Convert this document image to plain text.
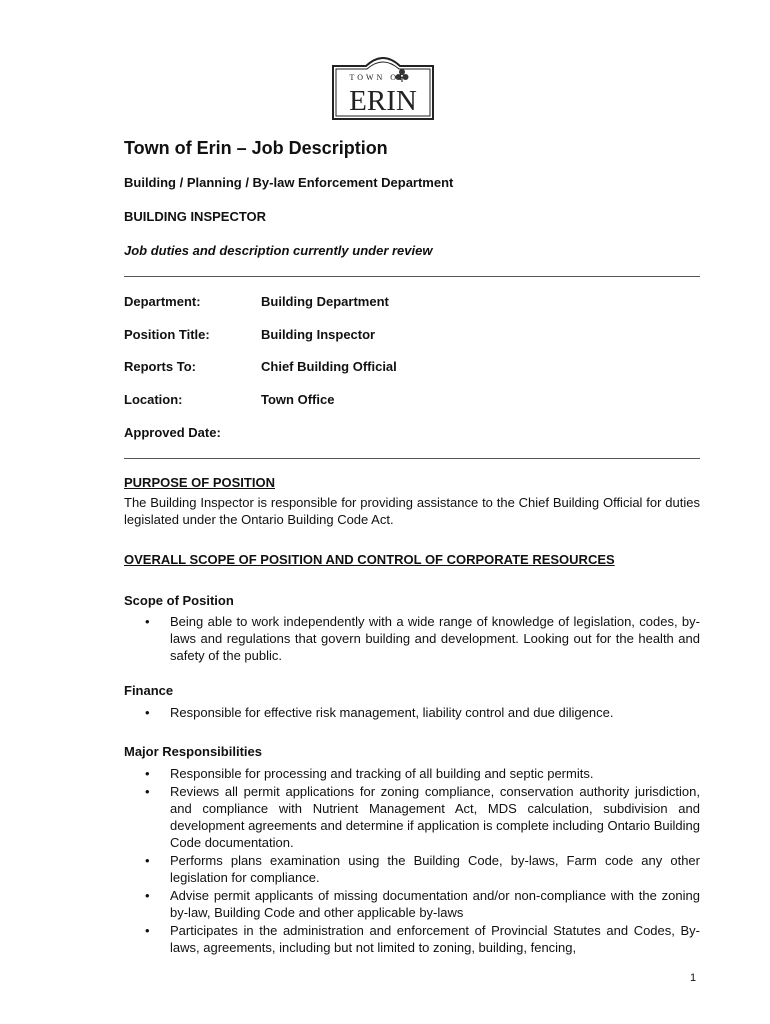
TOWN OF
ERIN
Town of Erin – Job Description
Building / Planning / By-law Enforcement Department
BUILDING INSPECTOR
Job duties and description currently under review
Department:	Building Department
Position Title:	Building Inspector
Reports To:	Chief Building Official
Location:	Town Office
Approved Date:
PURPOSE OF POSITION
The Building Inspector is responsible for providing assistance to the Chief Building Official for duties legislated under the Ontario Building Code Act.
OVERALL SCOPE OF POSITION AND CONTROL OF CORPORATE RESOURCES
Scope of Position
• Being able to work independently with a wide range of knowledge of legislation, codes, by-laws and regulations that govern building and development. Looking out for the health and safety of the public.
Finance
• Responsible for effective risk management, liability control and due diligence.
Major Responsibilities
• Responsible for processing and tracking of all building and septic permits.
• Reviews all permit applications for zoning compliance, conservation authority jurisdiction, and compliance with Nutrient Management Act, MDS calculation, subdivision and development agreements and determine if application is complete including Ontario Building Code documentation.
• Performs plans examination using the Building Code, by-laws, Farm code any other legislation for compliance.
• Advise permit applicants of missing documentation and/or non-compliance with the zoning by-law, Building Code and other applicable by-laws
• Participates in the administration and enforcement of Provincial Statutes and Codes, By-laws, agreements, including but not limited to zoning, building, fencing,
1
